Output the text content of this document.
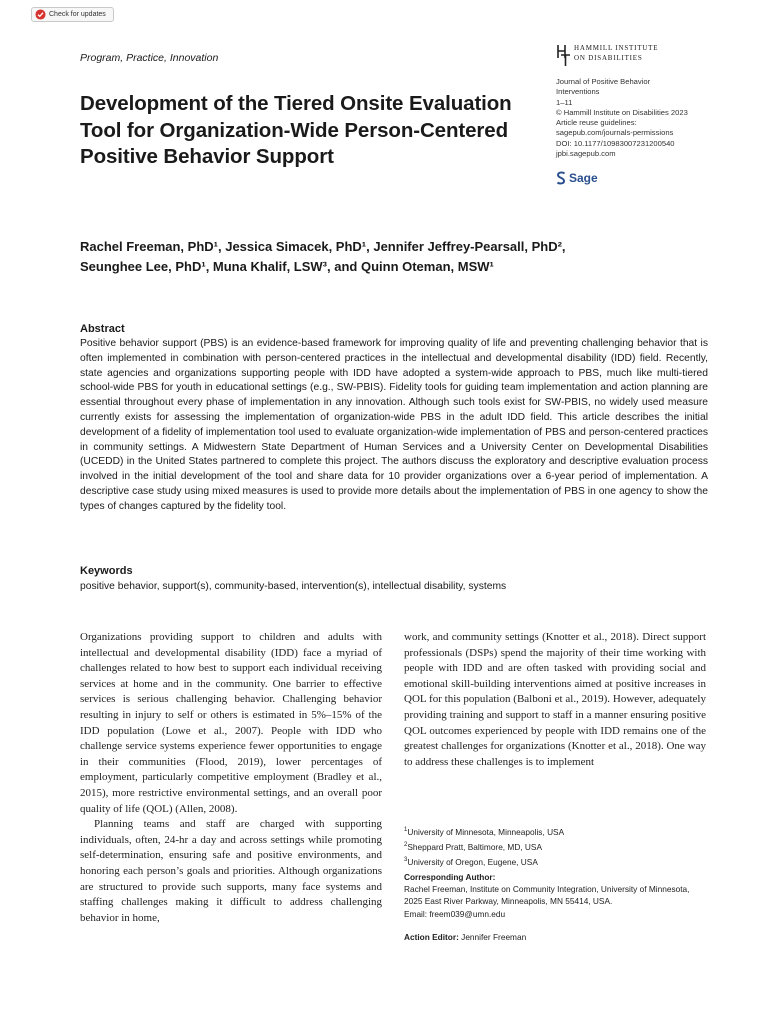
Check for updates
Program, Practice, Innovation
Development of the Tiered Onsite Evaluation Tool for Organization-Wide Person-Centered Positive Behavior Support
HAMMILL INSTITUTE
ON DISABILITIES
Journal of Positive Behavior
Interventions
1–11
© Hammill Institute on Disabilities 2023
Article reuse guidelines:
sagepub.com/journals-permissions
DOI: 10.1177/10983007231200540
jpbi.sagepub.com
Sage
Rachel Freeman, PhD¹, Jessica Simacek, PhD¹, Jennifer Jeffrey-Pearsall, PhD²,
Seunghee Lee, PhD¹, Muna Khalif, LSW³, and Quinn Oteman, MSW¹
Abstract

Positive behavior support (PBS) is an evidence-based framework for improving quality of life and preventing challenging behavior that is often implemented in combination with person-centered practices in the intellectual and developmental disability (IDD) field. Recently, state agencies and organizations supporting people with IDD have adopted a system-wide approach to PBS, much like multi-tiered school-wide PBS for youth in educational settings (e.g., SW-PBIS). Fidelity tools for guiding team implementation and action planning are essential throughout every phase of implementation in any innovation. Although such tools exist for SW-PBIS, no widely used measure currently exists for assessing the implementation of organization-wide PBS in the adult IDD field. This article describes the initial development of a fidelity of implementation tool used to evaluate organization-wide implementation of PBS and person-centered practices in community settings. A Midwestern State Department of Human Services and a University Center on Developmental Disabilities (UCEDD) in the United States partnered to complete this project. The authors discuss the exploratory and descriptive evaluation process involved in the initial development of the tool and share data for 10 provider organizations over a 6-year period of implementation. A descriptive case study using mixed measures is used to provide more details about the implementation of PBS in one agency to show the types of changes captured by the fidelity tool.

Keywords
positive behavior, support(s), community-based, intervention(s), intellectual disability, systems

Organizations providing support to children and adults with intellectual and developmental disability (IDD) face a myriad of challenges related to how best to support each individual receiving services at home and in the community. One barrier to effective services is serious challenging behavior. Challenging behavior resulting in injury to self or others is estimated in 5%–15% of the IDD population (Lowe et al., 2007). People with IDD who challenge service systems experience fewer opportunities to engage in their communities (Flood, 2019), lower percentages of employment, particularly competitive employment (Bradley et al., 2015), more restrictive environmental settings, and an overall poor quality of life (QOL) (Allen, 2008).

Planning teams and staff are charged with supporting individuals, often, 24-hr a day and across settings while promoting self-determination, ensuring safe and positive environments, and honoring each person’s goals and priorities. Although organizations are structured to provide such supports, many face systems and staffing challenges making it difficult to address challenging behavior in home,

work, and community settings (Knotter et al., 2018). Direct support professionals (DSPs) spend the majority of their time working with people with IDD and are often tasked with providing social and emotional skill-building interventions aimed at positive increases in QOL for this population (Balboni et al., 2019). However, adequately providing training and support to staff in a manner ensuring positive QOL outcomes experienced by people with IDD remains one of the greatest challenges for organizations (Knotter et al., 2018). One way to address these challenges is to implement

$^1$University of Minnesota, Minneapolis, USA
$^2$Sheppard Pratt, Baltimore, MD, USA
$^3$University of Oregon, Eugene, USA
Corresponding Author:
Rachel Freeman, Institute on Community Integration, University of Minnesota, 2025 East River Parkway, Minneapolis, MN 55414, USA.
Email: freem039@umn.edu
Action Editor: Jennifer Freeman
